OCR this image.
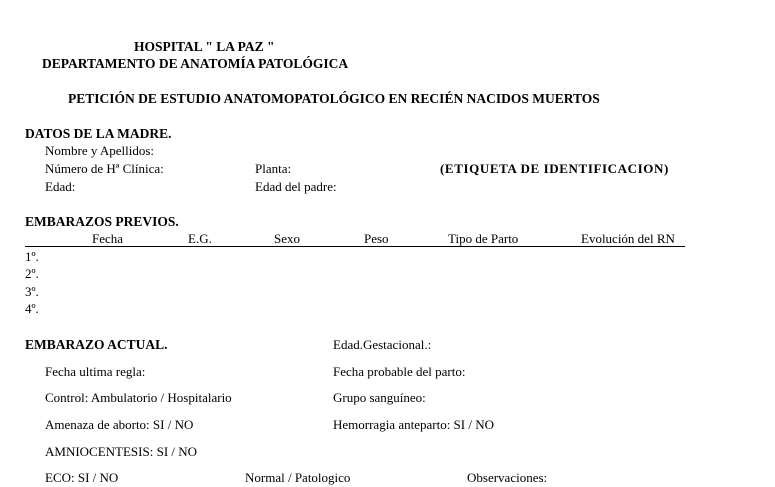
HOSPITAL " LA PAZ "
DEPARTAMENTO DE ANATOMÍA PATOLÓGICA
PETICIÓN DE ESTUDIO ANATOMOPATOLÓGICO EN RECIÉN NACIDOS MUERTOS
DATOS DE LA MADRE.
Nombre y Apellidos:
Número de Hª Clínica:	Planta:	(ETIQUETA DE IDENTIFICACION)
Edad:	Edad del padre:
EMBARAZOS PREVIOS.
Fecha	E.G.	Sexo	Peso	Tipo de Parto	Evolución del RN
1º.
2º.
3º.
4º.
EMBARAZO ACTUAL.	Edad.Gestacional.:
Fecha ultima regla:	Fecha probable del parto:
Control: Ambulatorio / Hospitalario	Grupo sanguíneo:
Amenaza de aborto: SI / NO	Hemorragia anteparto: SI / NO
AMNIOCENTESIS: SI / NO
ECO: SI / NO	Normal / Patologico	Observaciones:
